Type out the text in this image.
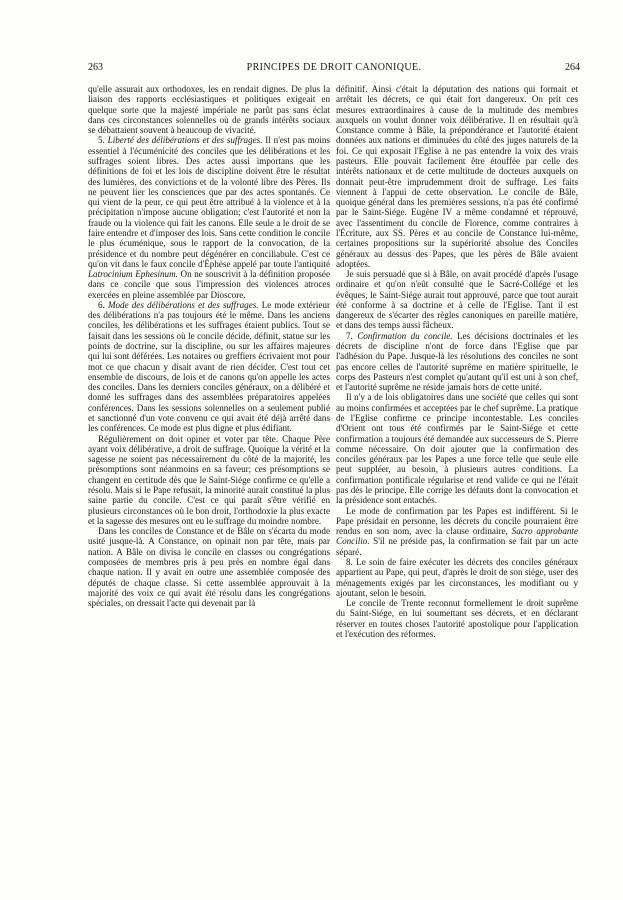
263	PRINCIPES DE DROIT CANONIQUE.	264

qu'elle assurait aux orthodoxes, les en rendait dignes. De plus la liaison des rapports ecclésiastiques et politiques exigeait en quelque sorte que la majesté impériale ne parût pas sans éclat dans ces circonstances solennelles où de grands intérêts sociaux se débattaient souvent à beaucoup de vivacité.

5. Liberté des délibérations et des suffrages. Il n'est pas moins essentiel à l'écuménicité des conciles que les délibérations et les suffrages soient libres. Des actes aussi importans que les définitions de foi et les lois de discipline doivent être le résultat des lumières, des convictions et de la volonté libre des Pères. Ils ne peuvent lier les consciences que par des actes spontanés. Ce qui vient de la peur, ce qui peut être attribué à la violence et à la précipitation n'impose aucune obligation; c'est l'autorité et non la fraude ou la violence qui fait les canons. Elle seule a le droit de se faire entendre et d'imposer des lois. Sans cette condition le concile le plus écuménique, sous le rapport de la convocation, de la présidence et du nombre peut dégénérer en conciliabule. C'est ce qu'on vit dans le faux concile d'Éphèse appelé par toute l'antiquité Latrocinium Ephesinum. On ne souscrivit à la définition proposée dans ce concile que sous l'impression des violences atroces exercées en pleine assemblée par Dioscore.

6. Mode des délibérations et des suffrages. Le mode extérieur des délibérations n'a pas toujours été le même. Dans les anciens conciles, les délibérations et les suffrages étaient publics. Tout se faisait dans les sessions où le concile décide, définit, statue sur les points de doctrine, sur la discipline, ou sur les affaires majeures qui lui sont déférées. Les notaires ou greffiers écrivaient mot pour mot ce que chacun y disait avant de rien décider. C'est tout cet ensemble de discours, de lois et de canons qu'on appelle les actes des conciles. Dans les derniers conciles généraux, on a délibéré et donné les suffrages dans des assemblées préparatoires appelées conférences. Dans les sessions solennelles on a seulement publié et sanctionné d'un vote convenu ce qui avait été déjà arrêté dans les conférences. Ce mode est plus digne et plus édifiant.

Régulièrement on doit opiner et voter par tête. Chaque Père ayant voix délibérative, a droit de suffrage. Quoique la vérité et la sagesse ne soient pas nécessairement du côté de la majorité, les présomptions sont néanmoins en sa faveur; ces présomptions se changent en certitude dès que le Saint-Siége confirme ce qu'elle a résolu. Mais si le Pape refusait, la minorité aurait constitué la plus saine partie du concile. C'est ce qui paraît s'être vérifié en plusieurs circonstances où le bon droit, l'orthodoxie la plus exacte et la sagesse des mesures ont eu le suffrage du moindre nombre.

Dans les conciles de Constance et de Bâle on s'écarta du mode usité jusque-là. A Constance, on opinait non par tête, mais par nation. A Bâle on divisa le concile en classes ou congrégations composées de membres pris à peu près en nombre égal dans chaque nation. Il y avait en outre une assemblée composée des députés de chaque classe. Si cette assemblée approuvait à la majorité des voix ce qui avait été résolu dans les congrégations spéciales, on dressait l'acte qui devenait par là

définitif. Ainsi c'était la députation des nations qui formait et arrêtait les décrets, ce qui était fort dangereux. On prit ces mesures extraordinaires à cause de la multitude des membres auxquels on voulut donner voix délibérative. Il en résultait qu'à Constance comme à Bâle, la prépondérance et l'autorité étaient données aux nations et diminuées du côté des juges naturels de la foi. Ce qui exposait l'Eglise à ne pas entendre la voix des vrais pasteurs. Elle pouvait facilement être étouffée par celle des intérêts nationaux et de cette multitude de docteurs auxquels on donnait peut-être imprudemment droit de suffrage. Les faits viennent à l'appui de cette observation. Le concile de Bâle, quoique général dans les premières sessions, n'a pas été confirmé par le Saint-Siége. Eugène IV a même condamné et réprouvé, avec l'assentiment du concile de Florence, comme contraires à l'Écriture, aux SS. Pères et au concile de Constance lui-même, certaines propositions sur la supériorité absolue des Conciles généraux au dessus des Papes, que les pères de Bâle avaient adoptées.

Je suis persuadé que si à Bâle, on avait procédé d'après l'usage ordinaire et qu'on n'eût consulté que le Sacré-Collége et les évêques, le Saint-Siége aurait tout approuvé, parce que tout aurait été conforme à sa doctrine et à celle de l'Eglise. Tant il est dangereux de s'écarter des règles canoniques en pareille matière, et dans des temps aussi fâcheux.

7. Confirmation du concile. Les décisions doctrinales et les décrets de discipline n'ont de force dans l'Eglise que par l'adhésion du Pape. Jusque-là les résolutions des conciles ne sont pas encore celles de l'autorité suprême en matière spirituelle, le corps des Pasteurs n'est complet qu'autant qu'il est uni à son chef, et l'autorité suprême ne réside jamais hors de cette unité.

Il n'y a de lois obligatoires dans une société que celles qui sont au moins confirmées et acceptées par le chef suprême. La pratique de l'Eglise confirme ce principe incontestable. Les conciles d'Orient ont tous été confirmés par le Saint-Siége et cette confirmation a toujours été demandée aux successeurs de S. Pierre comme nécessaire. On doit ajouter que la confirmation des conciles généraux par les Papes a une force telle que seule elle peut suppléer, au besoin, à plusieurs autres conditions. La confirmation pontificale régularise et rend valide ce qui ne l'était pas dès le principe. Elle corrige les défauts dont la convocation et la présidence sont entachés.

Le mode de confirmation par les Papes est indifférent. Si le Pape présidait en personne, les décrets du concile pourraient être rendus en son nom, avec la clause ordinaire, Sacro approbante Concilio. S'il ne préside pas, la confirmation se fait par un acte séparé.

8. Le soin de faire exécuter les décrets des conciles généraux appartient au Pape, qui peut, d'après le droit de son siége, user des ménagements exigés par les circonstances, les modifiant ou y ajoutant, selon le besoin.

Le concile de Trente reconnut formellement le droit suprême du Saint-Siége, en lui soumettant ses décrets, et en déclarant réserver en toutes choses l'autorité apostolique pour l'application et l'exécution des réformes.
